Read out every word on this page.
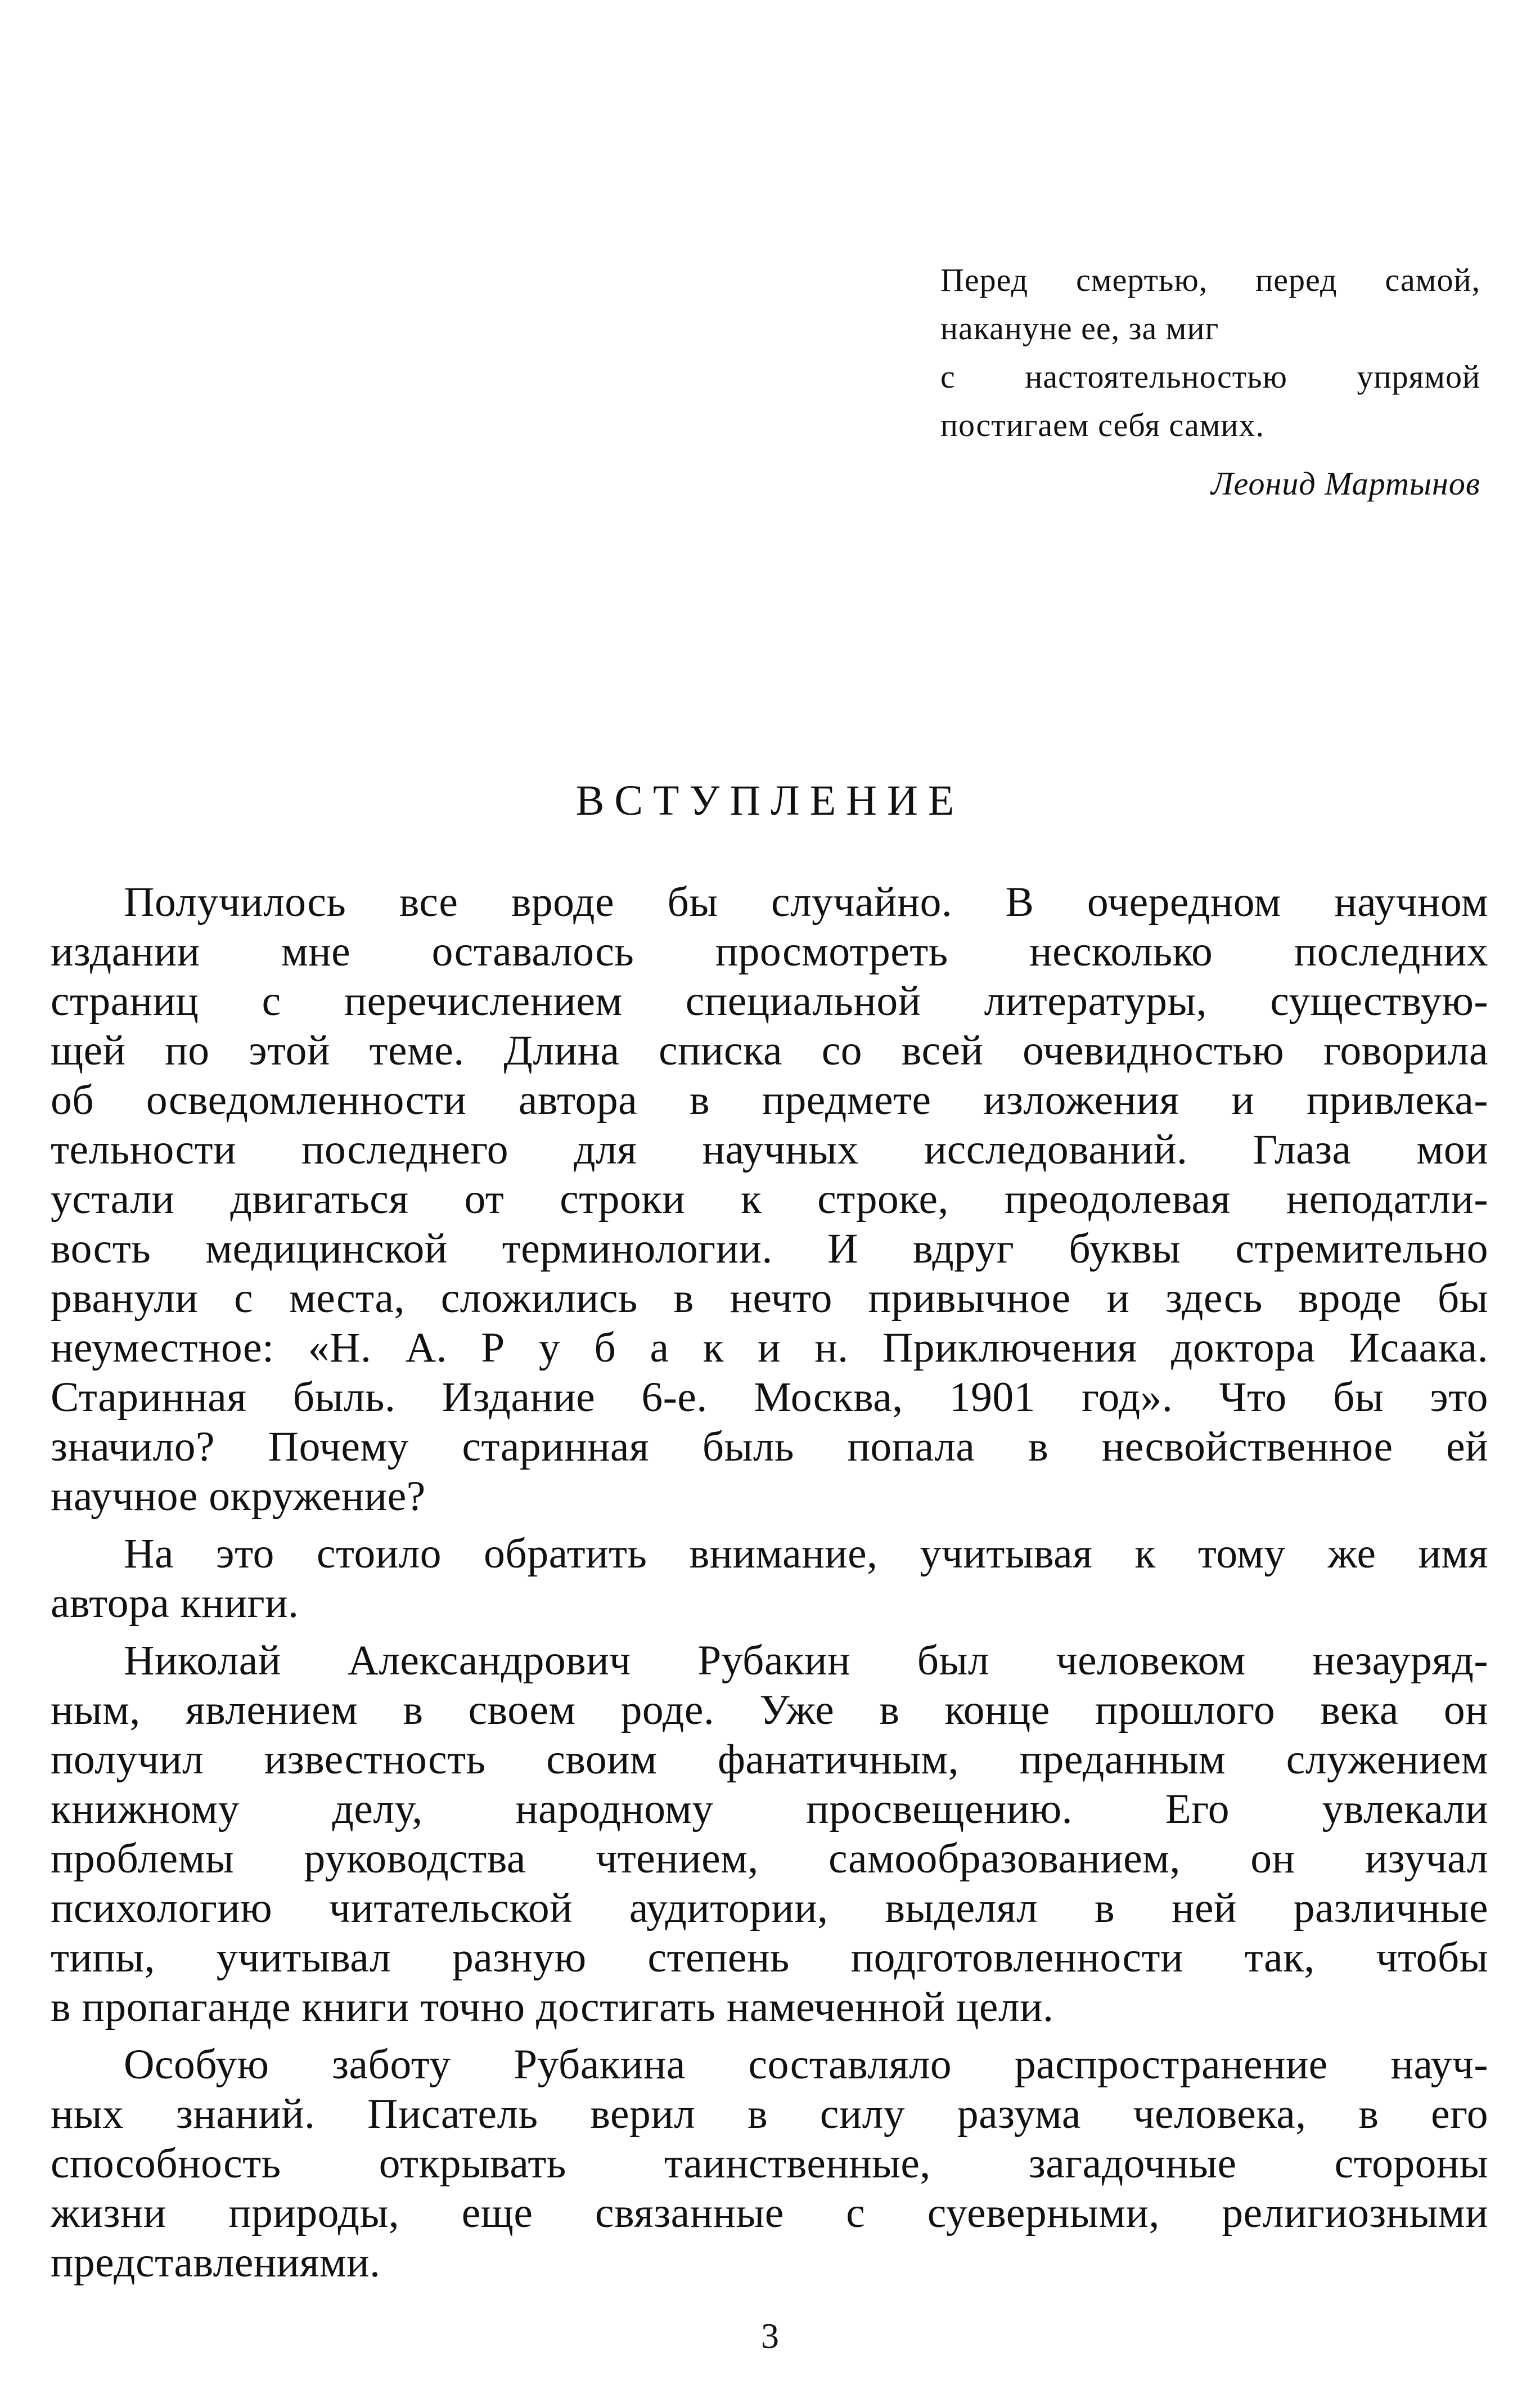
Перед смертью, перед самой,
накануне ее, за миг
с настоятельностью упрямой
постигаем себя самих.
Леонид Мартынов
ВСТУПЛЕНИЕ
Получилось все вроде бы случайно. В очередном научном
издании мне оставалось просмотреть несколько последних
страниц с перечислением специальной литературы, существую-
щей по этой теме. Длина списка со всей очевидностью говорила
об осведомленности автора в предмете изложения и привлека-
тельности последнего для научных исследований. Глаза мои
устали двигаться от строки к строке, преодолевая неподатли-
вость медицинской терминологии. И вдруг буквы стремительно
рванули с места, сложились в нечто привычное и здесь вроде бы
неуместное: «Н. А. Р у б а к и н. Приключения доктора Исаака.
Старинная быль. Издание 6-е. Москва, 1901 год». Что бы это
значило? Почему старинная быль попала в несвойственное ей
научное окружение?
На это стоило обратить внимание, учитывая к тому же имя
автора книги.
Николай Александрович Рубакин был человеком незауряд-
ным, явлением в своем роде. Уже в конце прошлого века он
получил известность своим фанатичным, преданным служением
книжному делу, народному просвещению. Его увлекали
проблемы руководства чтением, самообразованием, он изучал
психологию читательской аудитории, выделял в ней различные
типы, учитывал разную степень подготовленности так, чтобы
в пропаганде книги точно достигать намеченной цели.
Особую заботу Рубакина составляло распространение науч-
ных знаний. Писатель верил в силу разума человека, в его
способность открывать таинственные, загадочные стороны
жизни природы, еще связанные с суеверными, религиозными
представлениями.
3
